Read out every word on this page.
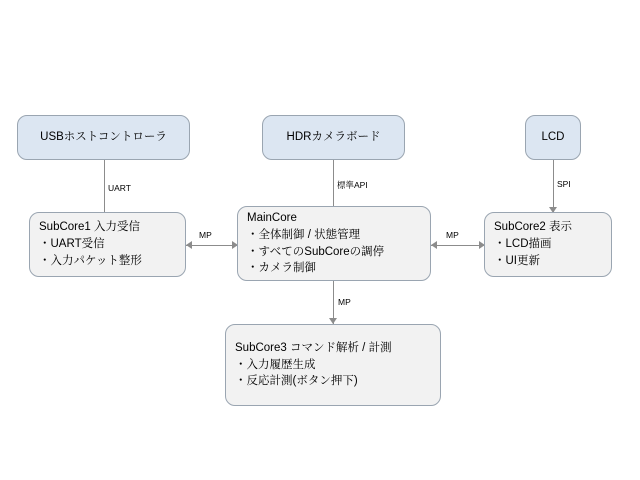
UART	標準API	SPI
MP	MP
MP
USBホストコントローラ	HDRカメラボード	LCD
SubCore1 入力受信
・UART受信
・入力パケット整形
MainCore
・全体制御 / 状態管理
・すべてのSubCoreの調停
・カメラ制御
SubCore2 表示
・LCD描画
・UI更新
SubCore3 コマンド解析 / 計測
・入力履歴生成
・反応計測(ボタン押下)
